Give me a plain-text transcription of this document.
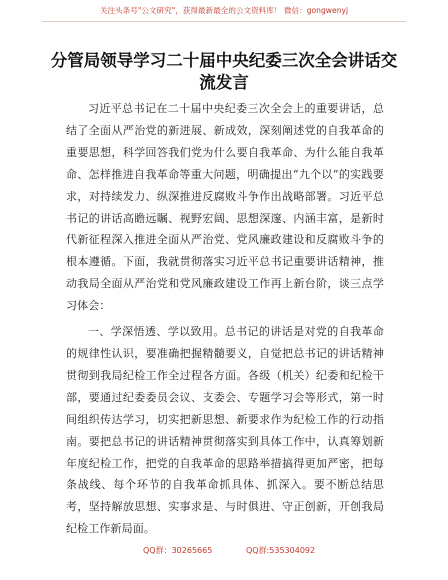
关注头条号"公文研究"，获得最新最全的公文资料库！ 微信：gongwenyj
分管局领导学习二十届中央纪委三次全会讲话交流发言

习近平总书记在二十届中央纪委三次全会上的重要讲话，总结了全面从严治党的新进展、新成效，深刻阐述党的自我革命的重要思想，科学回答我们党为什么要自我革命、为什么能自我革命、怎样推进自我革命等重大问题，明确提出“九个以”的实践要求，对持续发力、纵深推进反腐败斗争作出战略部署。习近平总书记的讲话高瞻远瞩、视野宏阔、思想深邃、内涵丰富，是新时代新征程深入推进全面从严治党、党风廉政建设和反腐败斗争的根本遵循。下面，我就贯彻落实习近平总书记重要讲话精神，推动我局全面从严治党和党风廉政建设工作再上新台阶，谈三点学习体会：

一、学深悟透、学以致用。总书记的讲话是对党的自我革命的规律性认识，要准确把握精髓要义，自觉把总书记的讲话精神贯彻到我局纪检工作全过程各方面。各级（机关）纪委和纪检干部，要通过纪委委员会议、支委会、专题学习会等形式，第一时间组织传达学习，切实把新思想、新要求作为纪检工作的行动指南。要把总书记的讲话精神贯彻落实到具体工作中，认真筹划新年度纪检工作，把党的自我革命的思路举措搞得更加严密，把每条战线、每个环节的自我革命抓具体、抓深入。要不断总结思考，坚持解放思想、实事求是、与时俱进、守正创新，开创我局纪检工作新局面。

QQ群：30265665	QQ群:535304092
